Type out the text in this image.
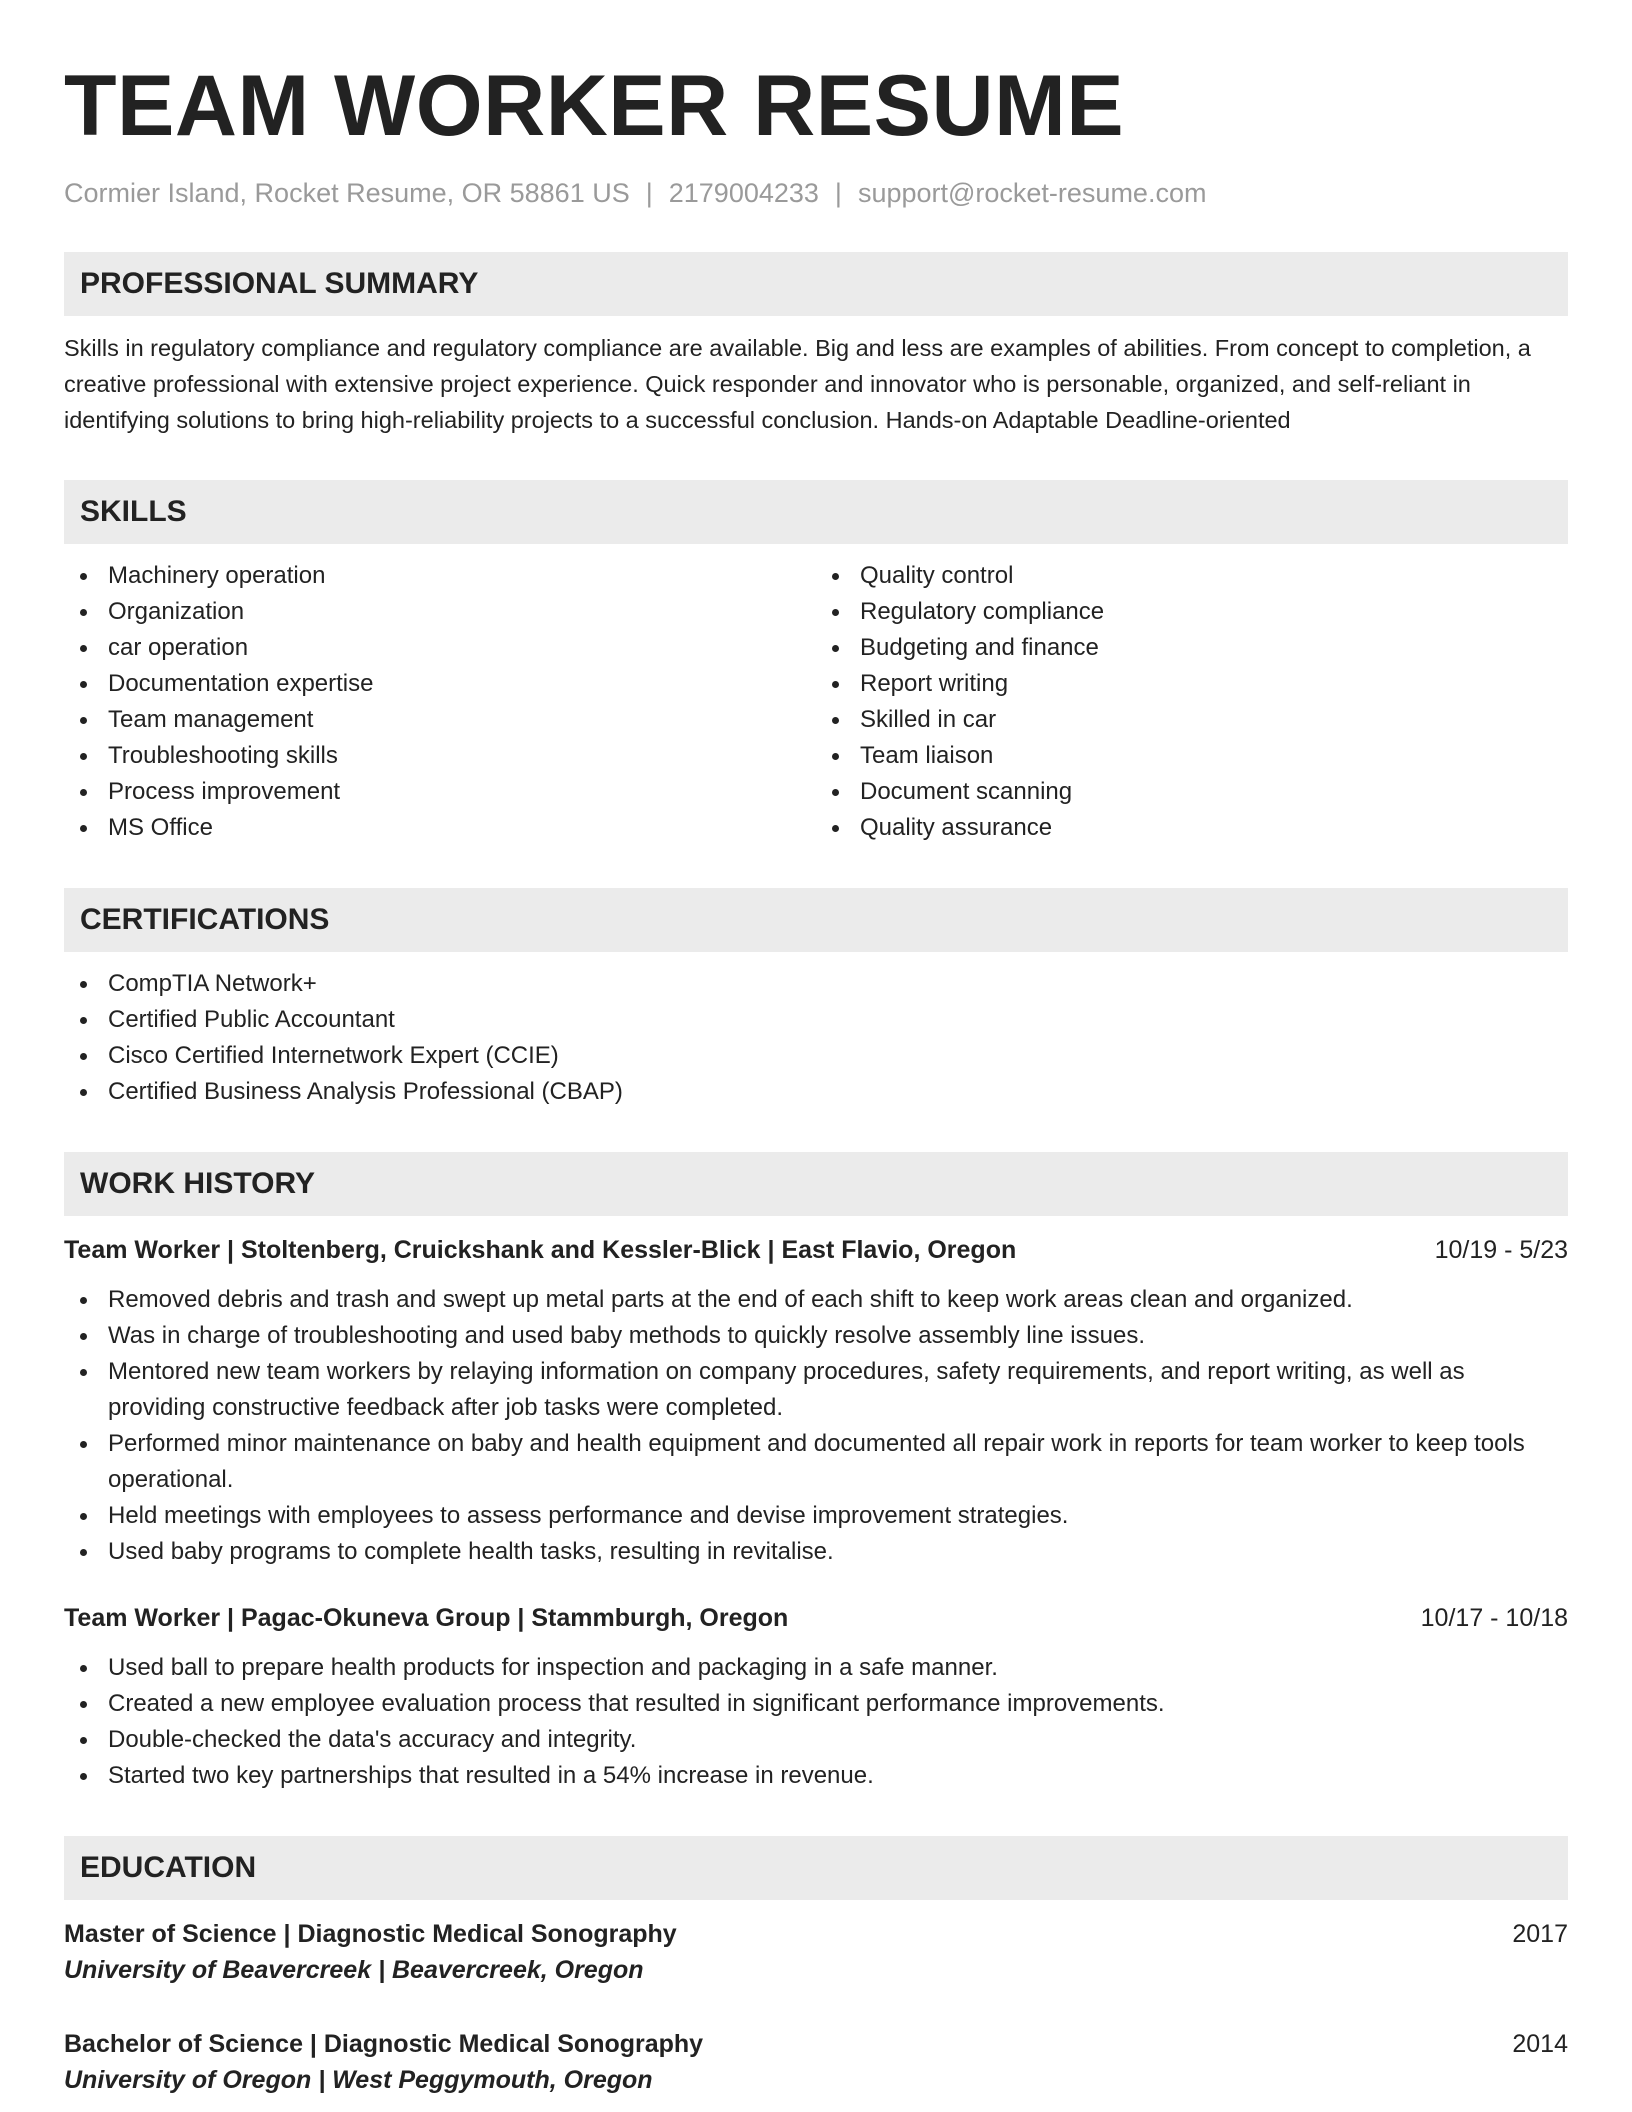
TEAM WORKER RESUME
Cormier Island, Rocket Resume, OR 58861 US | 2179004233 | support@rocket-resume.com
PROFESSIONAL SUMMARY
Skills in regulatory compliance and regulatory compliance are available. Big and less are examples of abilities. From concept to completion, a creative professional with extensive project experience. Quick responder and innovator who is personable, organized, and self-reliant in identifying solutions to bring high-reliability projects to a successful conclusion. Hands-on Adaptable Deadline-oriented
SKILLS
Machinery operation
Organization
car operation
Documentation expertise
Team management
Troubleshooting skills
Process improvement
MS Office
Quality control
Regulatory compliance
Budgeting and finance
Report writing
Skilled in car
Team liaison
Document scanning
Quality assurance
CERTIFICATIONS
CompTIA Network+
Certified Public Accountant
Cisco Certified Internetwork Expert (CCIE)
Certified Business Analysis Professional (CBAP)
WORK HISTORY
Team Worker | Stoltenberg, Cruickshank and Kessler-Blick | East Flavio, Oregon	10/19 - 5/23
Removed debris and trash and swept up metal parts at the end of each shift to keep work areas clean and organized.
Was in charge of troubleshooting and used baby methods to quickly resolve assembly line issues.
Mentored new team workers by relaying information on company procedures, safety requirements, and report writing, as well as providing constructive feedback after job tasks were completed.
Performed minor maintenance on baby and health equipment and documented all repair work in reports for team worker to keep tools operational.
Held meetings with employees to assess performance and devise improvement strategies.
Used baby programs to complete health tasks, resulting in revitalise.
Team Worker | Pagac-Okuneva Group | Stammburgh, Oregon	10/17 - 10/18
Used ball to prepare health products for inspection and packaging in a safe manner.
Created a new employee evaluation process that resulted in significant performance improvements.
Double-checked the data's accuracy and integrity.
Started two key partnerships that resulted in a 54% increase in revenue.
EDUCATION
Master of Science | Diagnostic Medical Sonography	2017
University of Beavercreek | Beavercreek, Oregon
Bachelor of Science | Diagnostic Medical Sonography	2014
University of Oregon | West Peggymouth, Oregon
